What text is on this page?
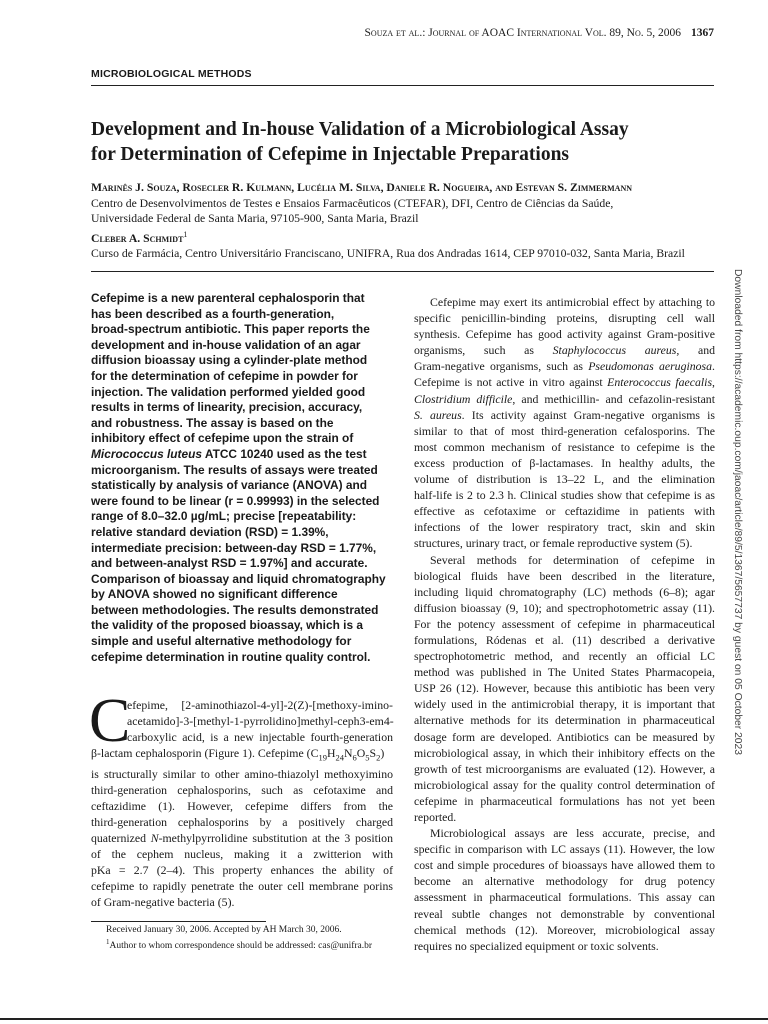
Souza et al.: Journal of AOAC International Vol. 89, No. 5, 2006 1367
MICROBIOLOGICAL METHODS
Development and In-house Validation of a Microbiological Assay
for Determination of Cefepime in Injectable Preparations
Marinês J. Souza, Rosecler R. Kulmann, Lucélia M. Silva, Daniele R. Nogueira, and Estevan S. Zimmermann
Centro de Desenvolvimentos de Testes e Ensaios Farmacêuticos (CTEFAR), DFI, Centro de Ciências da Saúde,
Universidade Federal de Santa Maria, 97105-900, Santa Maria, Brazil
Cleber A. Schmidt$^1$
Curso de Farmácia, Centro Universitário Franciscano, UNIFRA, Rua dos Andradas 1614, CEP 97010-032, Santa Maria, Brazil
Cefepime is a new parenteral cephalosporin that
has been described as a fourth-generation,
broad-spectrum antibiotic. This paper reports the
development and in-house validation of an agar
diffusion bioassay using a cylinder-plate method
for the determination of cefepime in powder for
injection. The validation performed yielded good
results in terms of linearity, precision, accuracy,
and robustness. The assay is based on the
inhibitory effect of cefepime upon the strain of
Micrococcus luteus ATCC 10240 used as the test
microorganism. The results of assays were treated
statistically by analysis of variance (ANOVA) and
were found to be linear (r = 0.99993) in the selected
range of 8.0–32.0 µg/mL; precise [repeatability:
relative standard deviation (RSD) = 1.39%,
intermediate precision: between-day RSD = 1.77%,
and between-analyst RSD = 1.97%] and accurate.
Comparison of bioassay and liquid chromatography
by ANOVA showed no significant difference
between methodologies. The results demonstrated
the validity of the proposed bioassay, which is a
simple and useful alternative methodology for
cefepime determination in routine quality control.
C
efepime, [2-aminothiazol-4-yl]-2(Z)-[methoxy-imino-
acetamido]-3-[methyl-1-pyrrolidino]methyl-ceph3-em4-
carboxylic acid, is a new injectable fourth-generation
β-lactam cephalosporin (Figure 1). Cefepime $(C_{19}H_{24}N_6O_5S_2)$
is structurally similar to other amino-thiazolyl methoxyimino
third-generation cephalosporins, such as cefotaxime and
ceftazidime (1). However, cefepime differs from the
third-generation cephalosporins by a positively charged
quaternized N-methylpyrrolidine substitution at the 3 position
of the cephem nucleus, making it a zwitterion with
pKa = 2.7 (2–4). This property enhances the ability of
cefepime to rapidly penetrate the outer cell membrane porins
of Gram-negative bacteria (5).
Received January 30, 2006. Accepted by AH March 30, 2006.
$^1$Author to whom correspondence should be addressed: cas@unifra.br
Cefepime may exert its antimicrobial effect by attaching to
specific penicillin-binding proteins, disrupting cell wall
synthesis. Cefepime has good activity against Gram-positive
organisms, such as Staphylococcus aureus, and
Gram-negative organisms, such as Pseudomonas aeruginosa.
Cefepime is not active in vitro against Enterococcus faecalis,
Clostridium difficile, and methicillin- and cefazolin-resistant
S. aureus. Its activity against Gram-negative organisms is
similar to that of most third-generation cefalosporins. The
most common mechanism of resistance to cefepime is the
excess production of β-lactamases. In healthy adults, the
volume of distribution is 13–22 L, and the elimination
half-life is 2 to 2.3 h. Clinical studies show that cefepime is as
effective as cefotaxime or ceftazidime in patients with
infections of the lower respiratory tract, skin and skin
structures, urinary tract, or female reproductive system (5).
Several methods for determination of cefepime in
biological fluids have been described in the literature,
including liquid chromatography (LC) methods (6–8); agar
diffusion bioassay (9, 10); and spectrophotometric assay (11).
For the potency assessment of cefepime in pharmaceutical
formulations, Ródenas et al. (11) described a derivative
spectrophotometric method, and recently an official LC
method was published in The United States Pharmacopeia,
USP 26 (12). However, because this antibiotic has been very
widely used in the antimicrobial therapy, it is important that
alternative methods for its determination in pharmaceutical
dosage form are developed. Antibiotics can be measured by
microbiological assay, in which their inhibitory effects on the
growth of test microorganisms are evaluated (12). However, a
microbiological assay for the quality control determination of
cefepime in pharmaceutical formulations has not yet been
reported.
Microbiological assays are less accurate, precise, and
specific in comparison with LC assays (11). However, the low
cost and simple procedures of bioassays have allowed them to
become an alternative methodology for drug potency
assessment in pharmaceutical formulations. This assay can
reveal subtle changes not demonstrable by conventional
chemical methods (12). Moreover, microbiological assay
requires no specialized equipment or toxic solvents.
Downloaded from https://academic.oup.com/jaoac/article/89/5/1367/5657737 by guest on 05 October 2023
